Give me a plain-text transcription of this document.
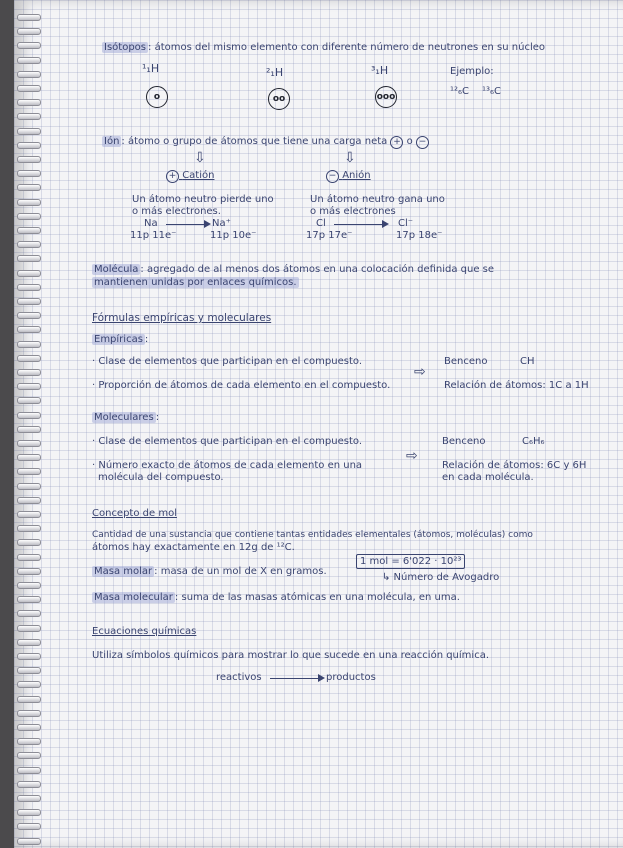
Isótopos : átomos del mismo elemento con diferente número de neutrones en su núcleo
¹₁H	²₁H	³₁H
o	oo	ooo
Ejemplo:
¹²₆C ¹³₆C
Ión : átomo o grupo de átomos que tiene una carga neta + o −
⇩	⇩
+ Catión	− Anión
Un átomo neutro pierde uno
o más electrones.
Na	Na⁺
11p 11e⁻	11p 10e⁻
Un átomo neutro gana uno
o más electrones
Cl	Cl⁻
17p 17e⁻	17p 18e⁻
Molécula : agregado de al menos dos átomos en una colocación definida que se
mantienen unidas por enlaces químicos.
Fórmulas empíricas y moleculares
Empíricas :
· Clase de elementos que participan en el compuesto.
· Proporción de átomos de cada elemento en el compuesto.
⇨
Benceno	CH
Relación de átomos: 1C a 1H
Moleculares :
· Clase de elementos que participan en el compuesto.
· Número exacto de átomos de cada elemento en una
molécula del compuesto.
⇨
Benceno	C₆H₆
Relación de átomos: 6C y 6H
en cada molécula.
Concepto de mol
Cantidad de una sustancia que contiene tantas entidades elementales (átomos, moléculas) como
átomos hay exactamente en 12g de ¹²C.
1 mol = 6'022 · 10²³
Masa molar : masa de un mol de X en gramos.
↳ Número de Avogadro
Masa molecular : suma de las masas atómicas en una molécula, en uma.
Ecuaciones químicas
Utiliza símbolos químicos para mostrar lo que sucede en una reacción química.
reactivos	productos
